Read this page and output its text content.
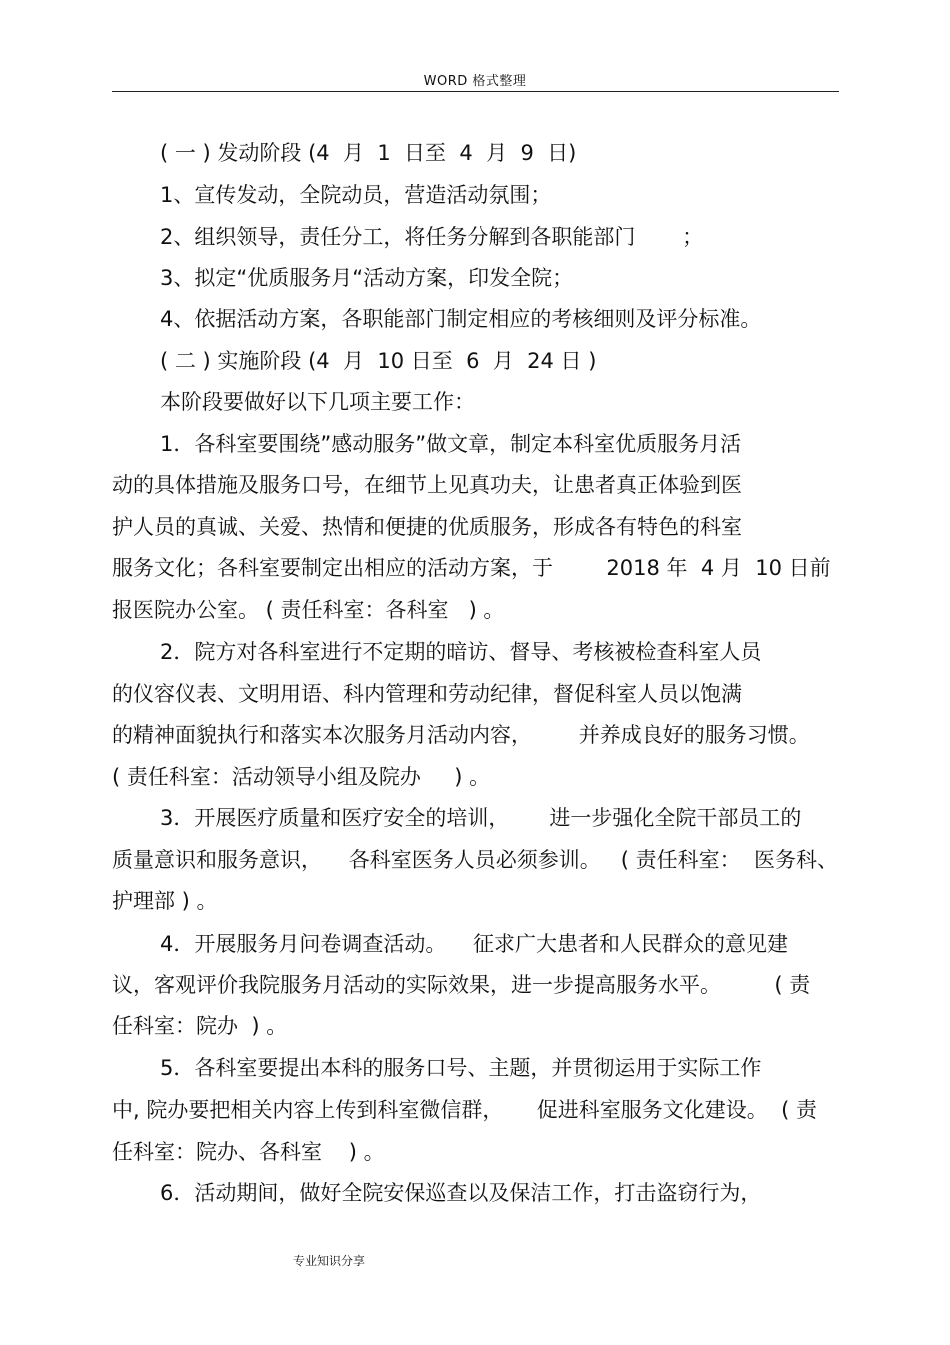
WORD 格式整理
( 一 ) 发动阶段 (4  月  1  日至  4  月  9  日)
1、宣传发动，全院动员，营造活动氛围；
2、组织领导，责任分工，将任务分解到各职能部门       ；
3、拟定“优质服务月“活动方案，印发全院；
4、依据活动方案，各职能部门制定相应的考核细则及评分标准。
( 二 ) 实施阶段 (4  月  10 日至  6  月  24 日 )
本阶段要做好以下几项主要工作：
1．各科室要围绕”感动服务”做文章，制定本科室优质服务月活
动的具体措施及服务口号，在细节上见真功夫，让患者真正体验到医
护人员的真诚、关爱、热情和便捷的优质服务，形成各有特色的科室
服务文化；各科室要制定出相应的活动方案，于        2018 年  4 月  10 日前
报医院办公室。 ( 责任科室：各科室   ) 。
2．院方对各科室进行不定期的暗访、督导、考核被检查科室人员
的仪容仪表、文明用语、科内管理和劳动纪律，督促科室人员以饱满
的精神面貌执行和落实本次服务月活动内容，       并养成良好的服务习惯。
( 责任科室：活动领导小组及院办     ) 。
3．开展医疗质量和医疗安全的培训，      进一步强化全院干部员工的
质量意识和服务意识，    各科室医务人员必须参训。   ( 责任科室：  医务科、
护理部 ) 。
4．开展服务月问卷调查活动。    征求广大患者和人民群众的意见建
议，客观评价我院服务月活动的实际效果，进一步提高服务水平。        ( 责
任科室：院办  ) 。
5．各科室要提出本科的服务口号、主题，并贯彻运用于实际工作
中, 院办要把相关内容上传到科室微信群，     促进科室服务文化建设。  ( 责
任科室：院办、各科室    ) 。
6．活动期间，做好全院安保巡查以及保洁工作，打击盗窃行为，
专业知识分享
